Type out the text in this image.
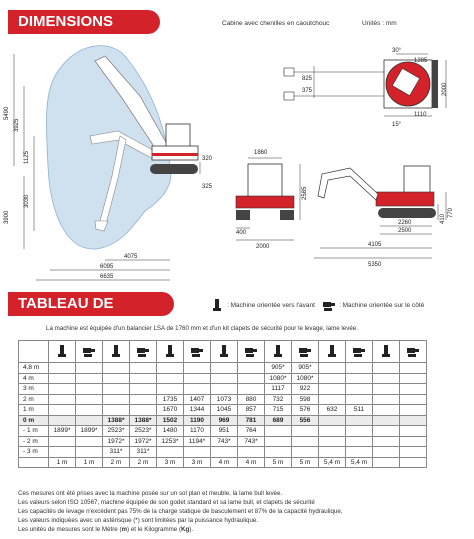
DIMENSIONS	Cabine avec chenilles en caoutchouc	Unités : mm
5490
3925
1125
3030
3900
4075
6095
6635
320
325
30°
1285
825
375
15°
1110
2000
1860
2585
400
2000
2260
2500
410
770
4105
5350
TABLEAU DE CHARGE
: Machine orientée vers l'avant	: Machine orientée sur le côté
La machine est équipée d'un balancier LSA de 1760 mm et d'un kit clapets de sécurité pour le levage, lame levée.

4,8 m									905*	905*				
4 m									1080*	1080*				
3 m									1117	922				
2 m					1735	1407	1073	880	732	598				
1 m					1670	1344	1045	857	715	576	632	511		
0 m			1388*	1388*	1502	1190	969	781	689	556				
- 1 m	1899*	1899*	2523*	2523*	1480	1170	951	764						
- 2 m			1972*	1972*	1253*	1194*	743*	743*						
- 3 m			311*	311*										
	1 m	1 m	2 m	2 m	3 m	3 m	4 m	4 m	5 m	5 m	5,4 m	5,4 m		
Ces mesures ont été prises avec la machine posée sur un sol plan et meuble, la lame bull levée.
Les valeurs selon ISO 10567, machine équipée de son godet standard et sa lame bull, et clapets de sécurité
Les capacités de levage n'excèdent pas 75% de la charge statique de basculement et 87% de la capacité hydraulique,
Les valeurs indiquées avec un astérisque (*) sont limitées par la puissance hydraulique.
Les unités de mesures sont le Mètre (m) et le Kilogramme (Kg).
